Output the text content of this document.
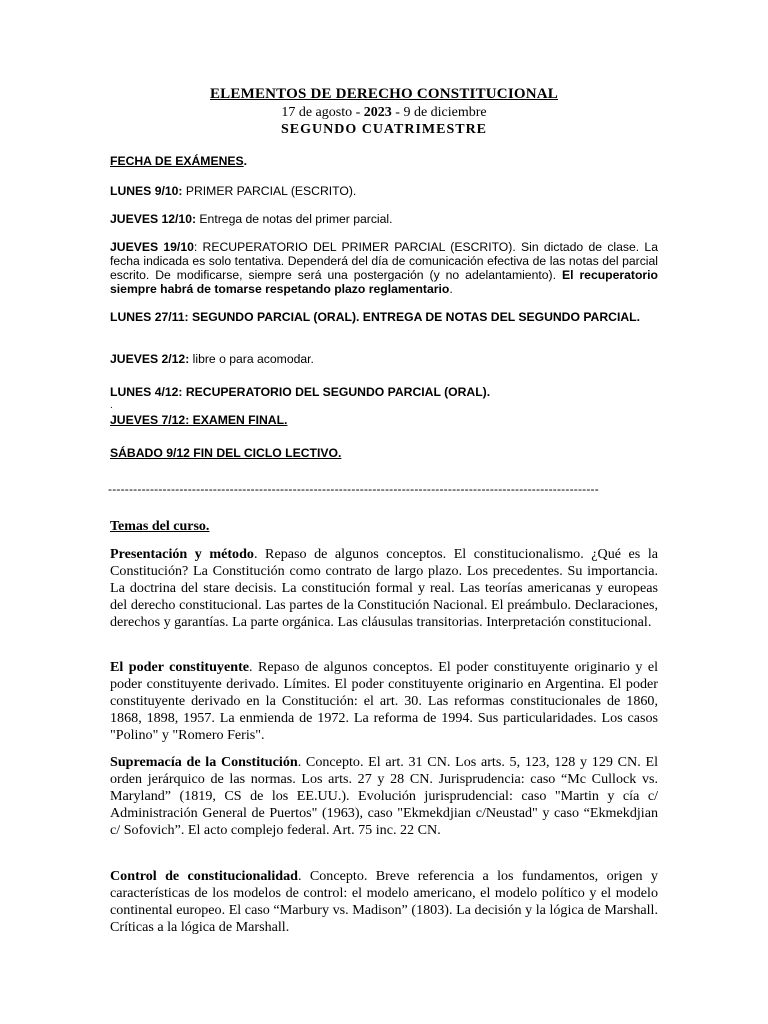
ELEMENTOS DE DERECHO CONSTITUCIONAL
17 de agosto - 2023 - 9 de diciembre
SEGUNDO CUATRIMESTRE
FECHA DE EXÁMENES.
LUNES 9/10: PRIMER PARCIAL (ESCRITO).
JUEVES 12/10: Entrega de notas del primer parcial.
JUEVES 19/10: RECUPERATORIO DEL PRIMER PARCIAL (ESCRITO). Sin dictado de clase. La fecha indicada es solo tentativa. Dependerá del día de comunicación efectiva de las notas del parcial escrito. De modificarse, siempre será una postergación (y no adelantamiento). El recuperatorio siempre habrá de tomarse respetando plazo reglamentario.
LUNES 27/11: SEGUNDO PARCIAL (ORAL). ENTREGA DE NOTAS DEL SEGUNDO PARCIAL.
JUEVES 2/12: libre o para acomodar.
LUNES 4/12: RECUPERATORIO DEL SEGUNDO PARCIAL (ORAL).
.
JUEVES 7/12: EXAMEN FINAL.
SÁBADO 9/12 FIN DEL CICLO LECTIVO.
---------------------------------------------------------------------------------------------------------------------
Temas del curso.
Presentación y método. Repaso de algunos conceptos. El constitucionalismo. ¿Qué es la Constitución? La Constitución como contrato de largo plazo. Los precedentes. Su importancia. La doctrina del stare decisis. La constitución formal y real. Las teorías americanas y europeas del derecho constitucional. Las partes de la Constitución Nacional. El preámbulo. Declaraciones, derechos y garantías. La parte orgánica. Las cláusulas transitorias. Interpretación constitucional.
El poder constituyente. Repaso de algunos conceptos. El poder constituyente originario y el poder constituyente derivado. Límites. El poder constituyente originario en Argentina. El poder constituyente derivado en la Constitución: el art. 30. Las reformas constitucionales de 1860, 1868, 1898, 1957. La enmienda de 1972. La reforma de 1994. Sus particularidades. Los casos "Polino" y "Romero Feris".
Supremacía de la Constitución. Concepto. El art. 31 CN. Los arts. 5, 123, 128 y 129 CN. El orden jerárquico de las normas. Los arts. 27 y 28 CN. Jurisprudencia: caso “Mc Cullock vs. Maryland” (1819, CS de los EE.UU.). Evolución jurisprudencial: caso "Martin y cía c/ Administración General de Puertos" (1963), caso "Ekmekdjian c/Neustad" y caso “Ekmekdjian c/ Sofovich”. El acto complejo federal. Art. 75 inc. 22 CN.
Control de constitucionalidad. Concepto. Breve referencia a los fundamentos, origen y características de los modelos de control: el modelo americano, el modelo político y el modelo continental europeo. El caso “Marbury vs. Madison” (1803). La decisión y la lógica de Marshall. Críticas a la lógica de Marshall.
